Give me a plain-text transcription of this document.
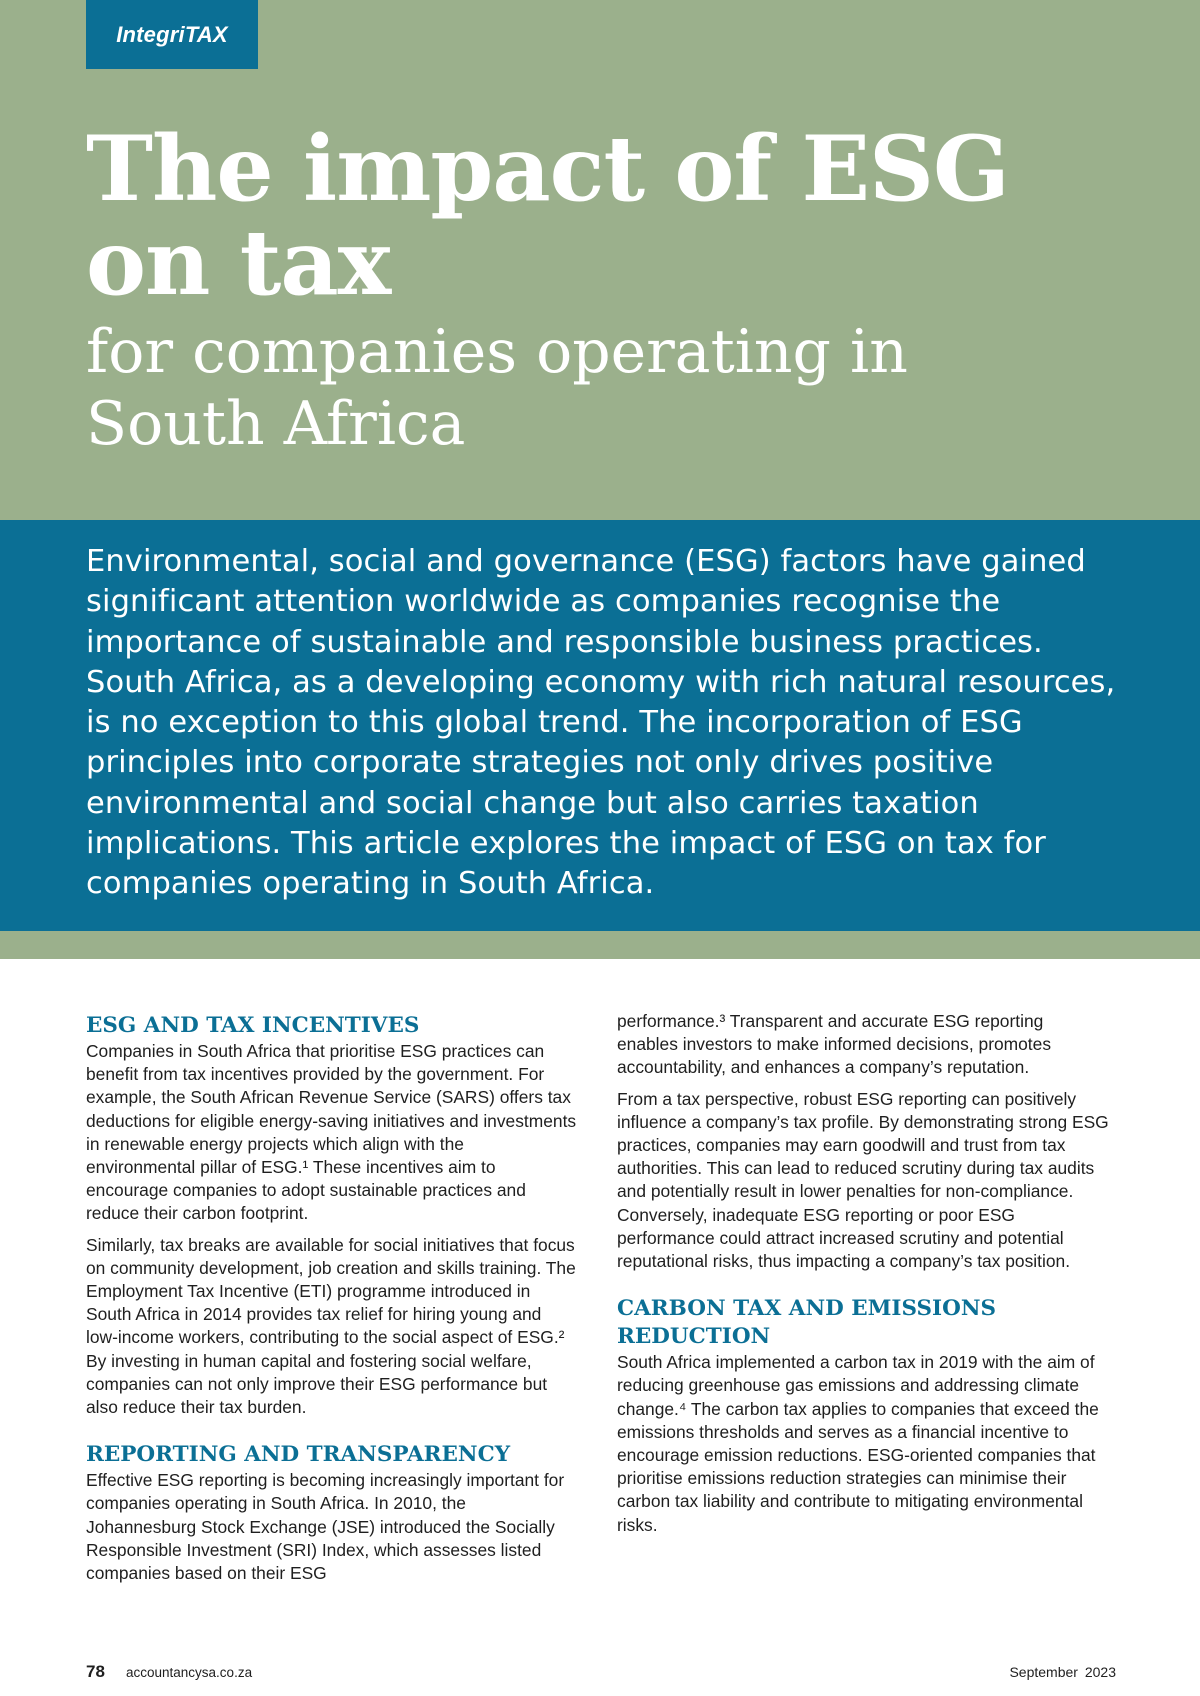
IntegriTAX
The impact of ESG on tax
for companies operating in South Africa

Environmental, social and governance (ESG) factors have gained significant attention worldwide as companies recognise the importance of sustainable and responsible business practices. South Africa, as a developing economy with rich natural resources, is no exception to this global trend. The incorporation of ESG principles into corporate strategies not only drives positive environmental and social change but also carries taxation implications. This article explores the impact of ESG on tax for companies operating in South Africa.

ESG AND TAX INCENTIVES

Companies in South Africa that prioritise ESG practices can benefit from tax incentives provided by the government. For example, the South African Revenue Service (SARS) offers tax deductions for eligible energy-saving initiatives and investments in renewable energy projects which align with the environmental pillar of ESG.¹ These incentives aim to encourage companies to adopt sustainable practices and reduce their carbon footprint.

Similarly, tax breaks are available for social initiatives that focus on community development, job creation and skills training. The Employment Tax Incentive (ETI) programme introduced in South Africa in 2014 provides tax relief for hiring young and low-income workers, contributing to the social aspect of ESG.² By investing in human capital and fostering social welfare, companies can not only improve their ESG performance but also reduce their tax burden.

REPORTING AND TRANSPARENCY

Effective ESG reporting is becoming increasingly important for companies operating in South Africa. In 2010, the Johannesburg Stock Exchange (JSE) introduced the Socially Responsible Investment (SRI) Index, which assesses listed companies based on their ESG

performance.³ Transparent and accurate ESG reporting enables investors to make informed decisions, promotes accountability, and enhances a company’s reputation.

From a tax perspective, robust ESG reporting can positively influence a company’s tax profile. By demonstrating strong ESG practices, companies may earn goodwill and trust from tax authorities. This can lead to reduced scrutiny during tax audits and potentially result in lower penalties for non-compliance. Conversely, inadequate ESG reporting or poor ESG performance could attract increased scrutiny and potential reputational risks, thus impacting a company’s tax position.

CARBON TAX AND EMISSIONS REDUCTION

South Africa implemented a carbon tax in 2019 with the aim of reducing greenhouse gas emissions and addressing climate change.⁴ The carbon tax applies to companies that exceed the emissions thresholds and serves as a financial incentive to encourage emission reductions. ESG-oriented companies that prioritise emissions reduction strategies can minimise their carbon tax liability and contribute to mitigating environmental risks.

78 accountancysa.co.za	September 2023
